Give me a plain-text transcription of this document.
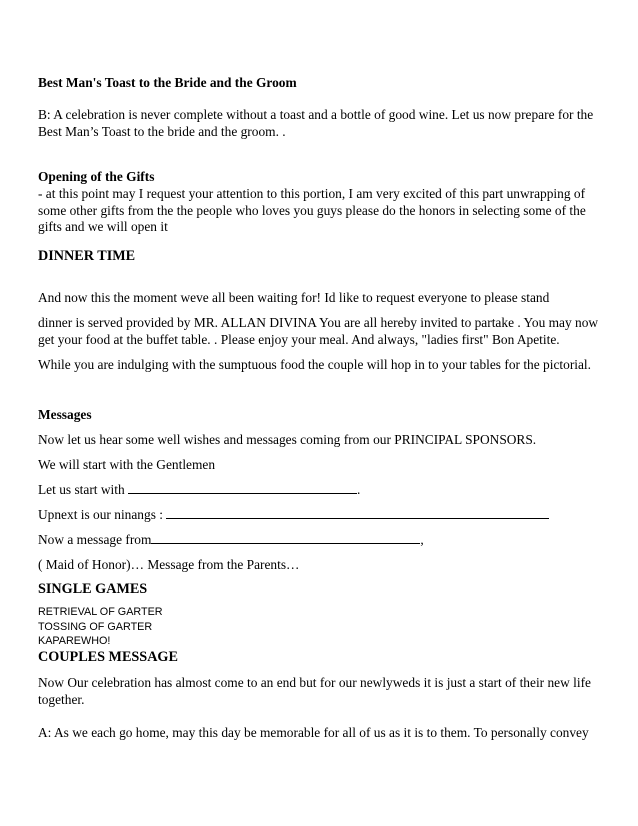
Best Man's Toast to the Bride and the Groom
B: A celebration is never complete without a toast and a bottle of good wine. Let us now prepare for the
Best Man’s Toast to the bride and the groom. .
Opening of the Gifts
- at this point may I request your attention to this portion, I am very excited of this part unwrapping of
some other gifts from the the people who loves you guys please do the honors in selecting some of the
gifts and we will open it
DINNER TIME
And now this the moment weve all been waiting for! Id like to request everyone to please stand
dinner is served provided by MR. ALLAN DIVINA You are all hereby invited to partake . You may now
get your food at the buffet table. . Please enjoy your meal. And always, "ladies first" Bon Apetite.
While you are indulging with the sumptuous food the couple will hop in to your tables for the pictorial.
Messages
Now let us hear some well wishes and messages coming from our PRINCIPAL SPONSORS.
We will start with the Gentlemen
Let us start with	.
Upnext is our ninangs :
Now a message from	,
( Maid of Honor)… Message from the Parents…
SINGLE GAMES
RETRIEVAL OF GARTER
TOSSING OF GARTER
KAPAREWHO!
COUPLES MESSAGE
Now Our celebration has almost come to an end but for our newlyweds it is just a start of their new life
together.
A: As we each go home, may this day be memorable for all of us as it is to them. To personally convey
